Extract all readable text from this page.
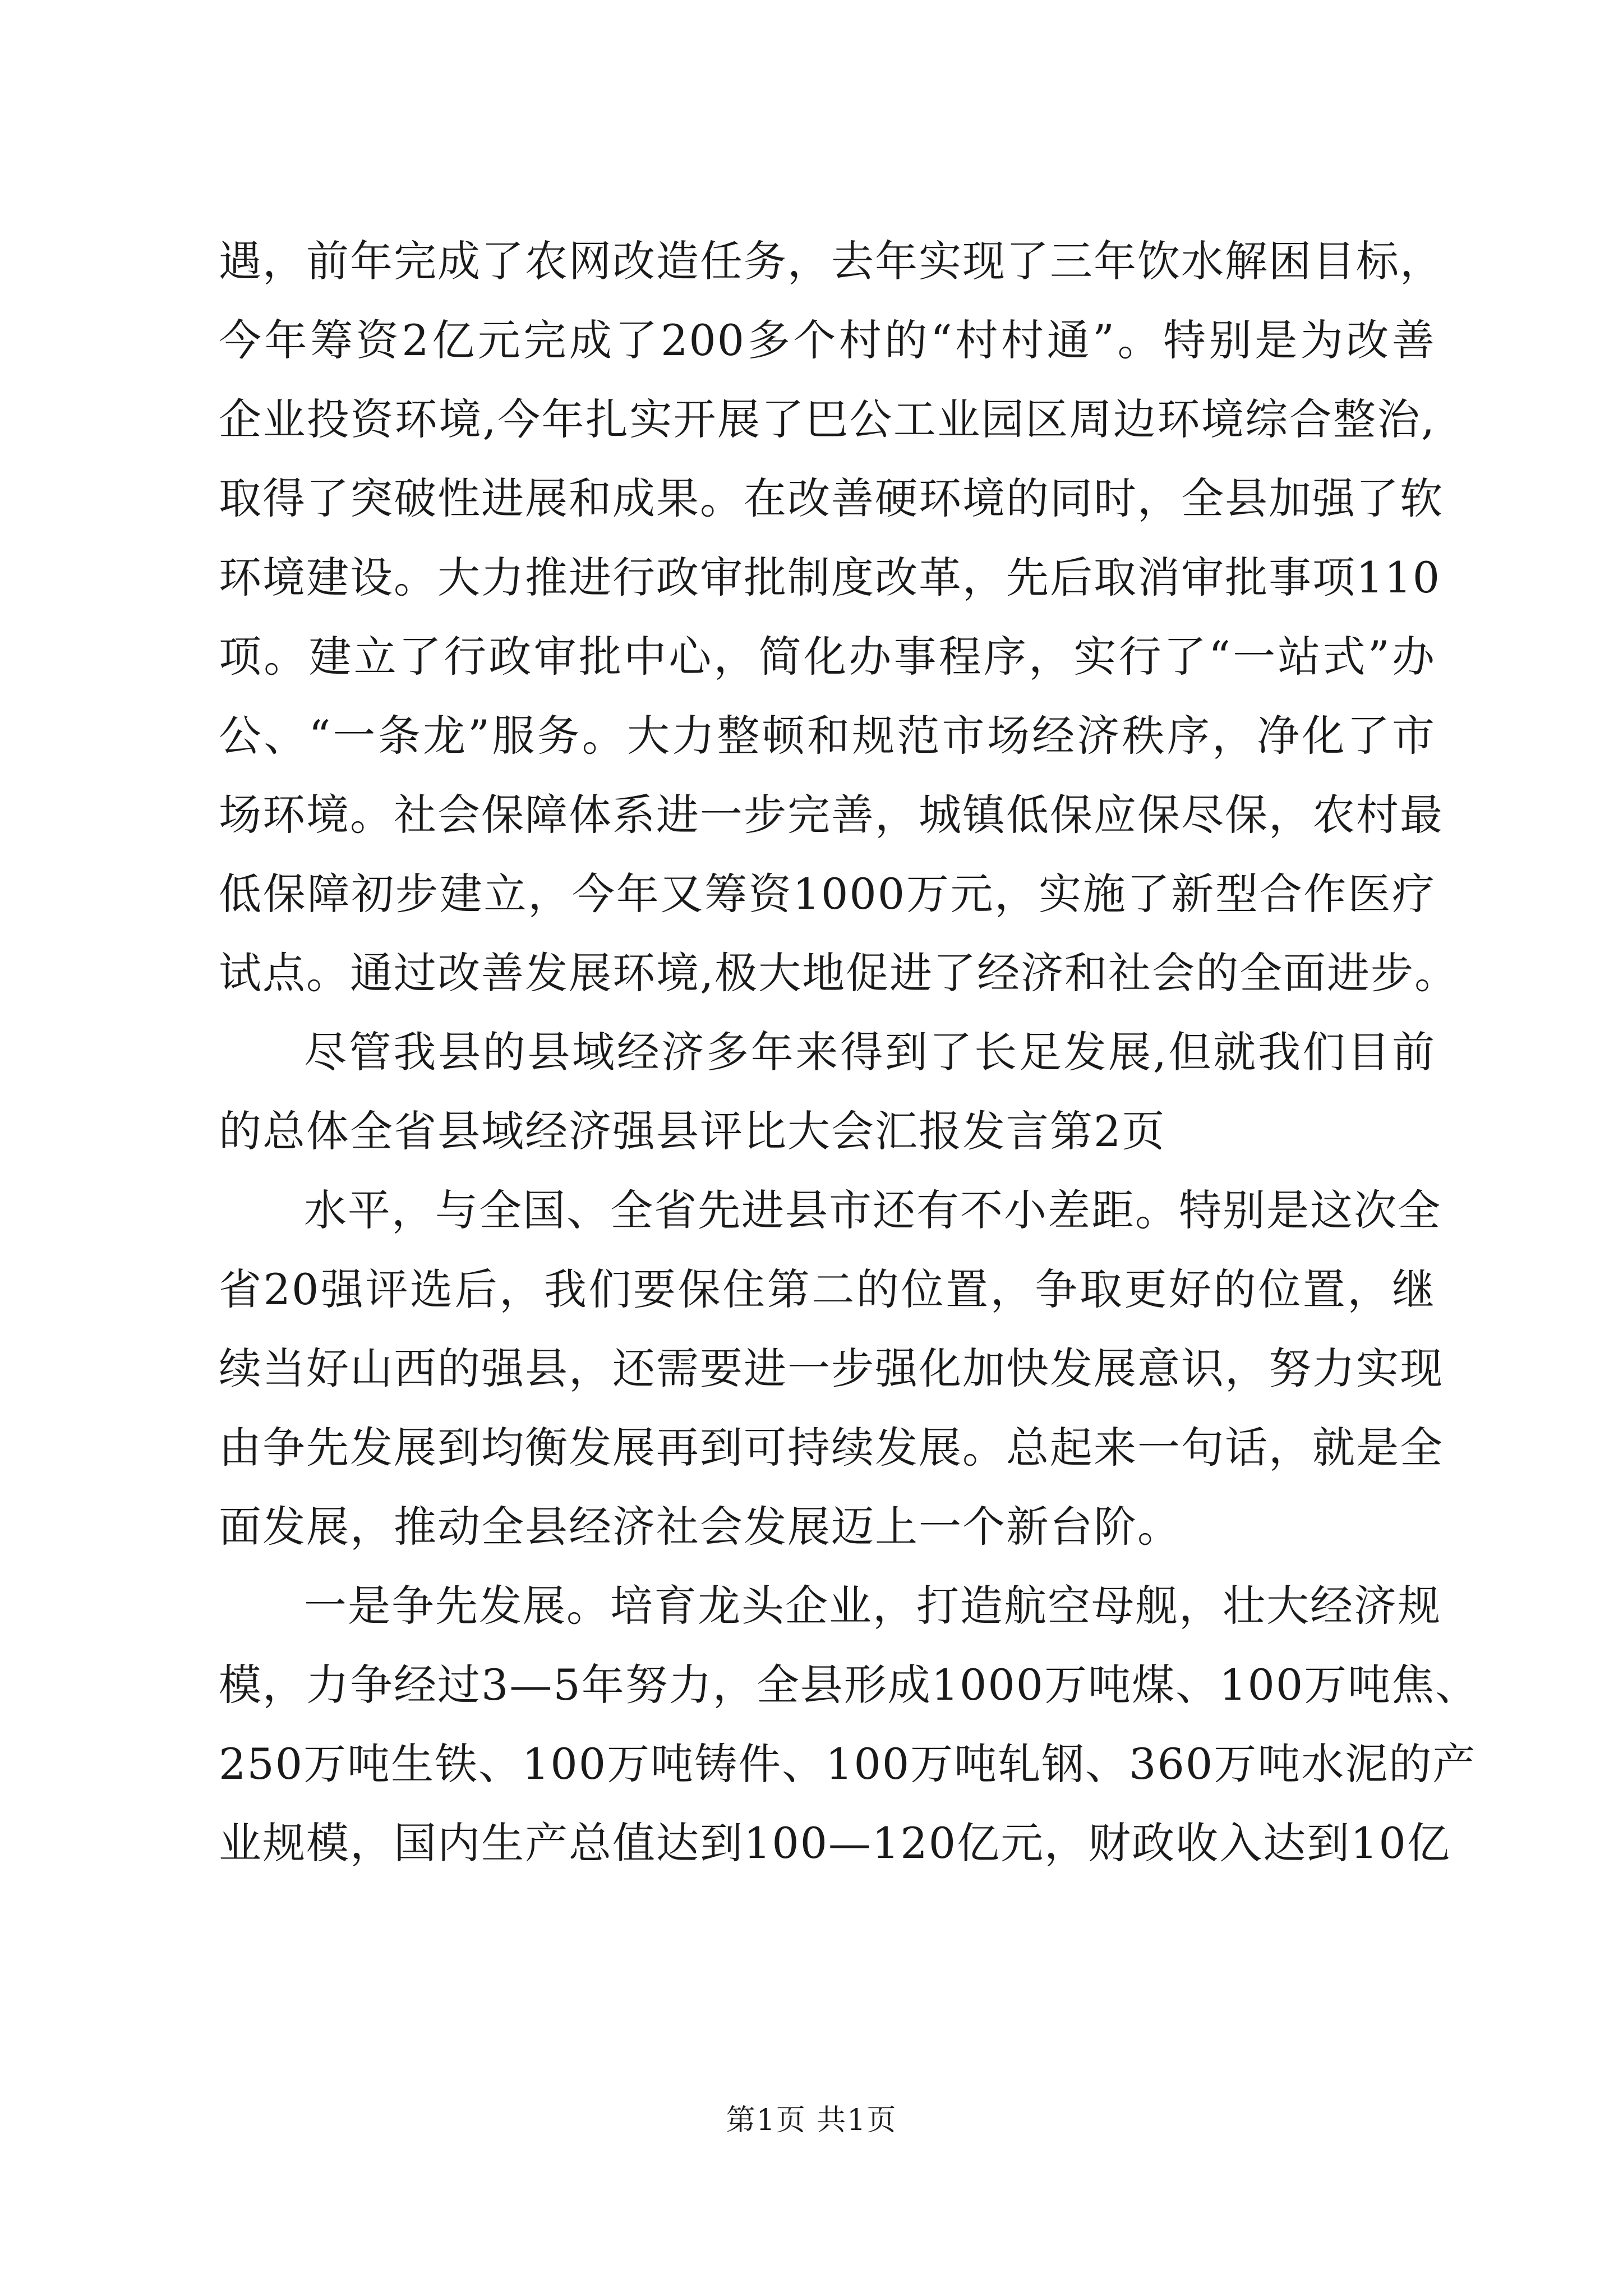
遇，前年完成了农网改造任务，去年实现了三年饮水解困目标，
今年筹资2亿元完成了200多个村的“村村通”。特别是为改善
企业投资环境,今年扎实开展了巴公工业园区周边环境综合整治,
取得了突破性进展和成果。在改善硬环境的同时，全县加强了软
环境建设。大力推进行政审批制度改革，先后取消审批事项110
项。建立了行政审批中心，简化办事程序，实行了“一站式”办
公、“一条龙”服务。大力整顿和规范市场经济秩序，净化了市
场环境。社会保障体系进一步完善，城镇低保应保尽保，农村最
低保障初步建立，今年又筹资1000万元，实施了新型合作医疗
试点。通过改善发展环境,极大地促进了经济和社会的全面进步。
尽管我县的县域经济多年来得到了长足发展,但就我们目前
的总体全省县域经济强县评比大会汇报发言第2页
水平，与全国、全省先进县市还有不小差距。特别是这次全
省20强评选后，我们要保住第二的位置，争取更好的位置，继
续当好山西的强县，还需要进一步强化加快发展意识，努力实现
由争先发展到均衡发展再到可持续发展。总起来一句话，就是全
面发展，推动全县经济社会发展迈上一个新台阶。
一是争先发展。培育龙头企业，打造航空母舰，壮大经济规
模，力争经过3—5年努力，全县形成1000万吨煤、100万吨焦、
250万吨生铁、100万吨铸件、100万吨轧钢、360万吨水泥的产
业规模，国内生产总值达到100—120亿元，财政收入达到10亿
第1页 共1页
